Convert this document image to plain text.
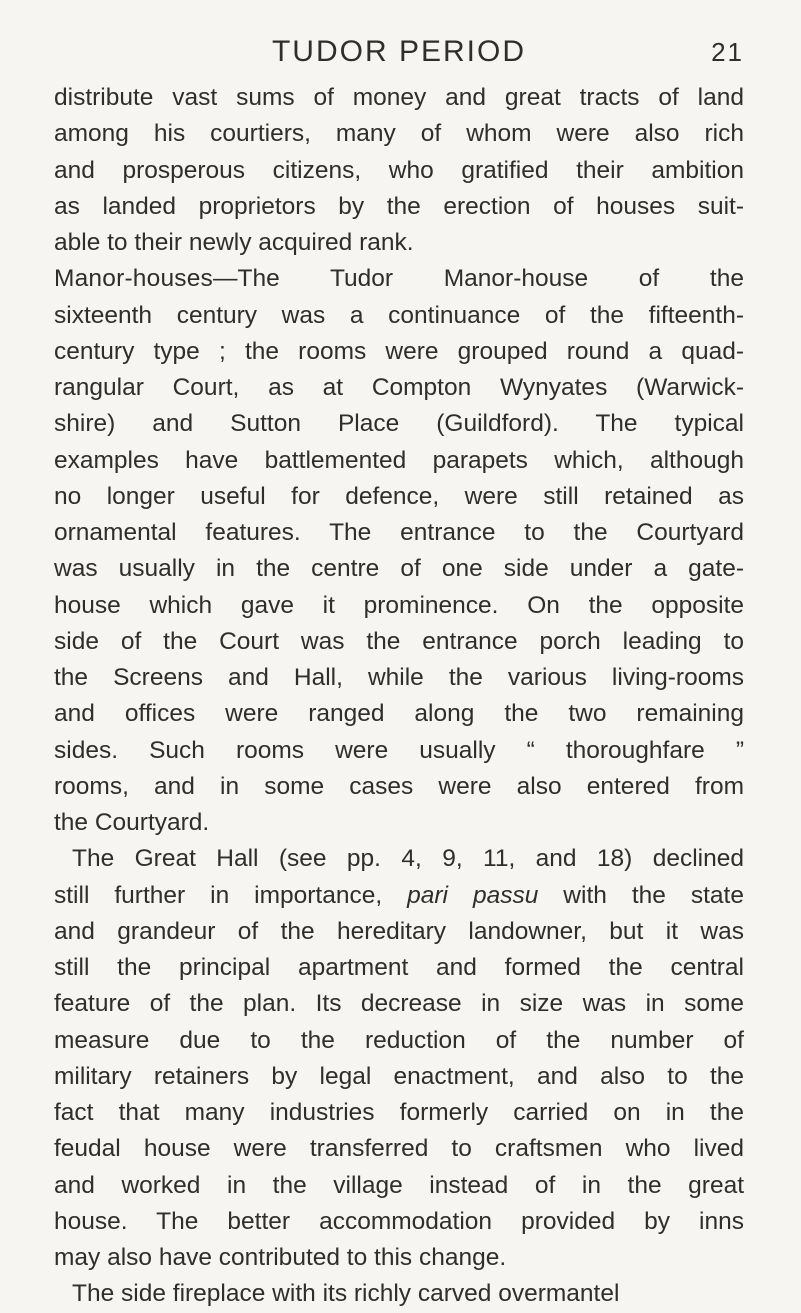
TUDOR PERIOD	21
distribute vast sums of money and great tracts of land
among his courtiers, many of whom were also rich
and prosperous citizens, who gratified their ambition
as landed proprietors by the erection of houses suit-
able to their newly acquired rank.
Manor-houses—The Tudor Manor-house of the
sixteenth century was a continuance of the fifteenth-
century type ; the rooms were grouped round a quad-
rangular Court, as at Compton Wynyates (Warwick-
shire) and Sutton Place (Guildford). The typical
examples have battlemented parapets which, although
no longer useful for defence, were still retained as
ornamental features. The entrance to the Courtyard
was usually in the centre of one side under a gate-
house which gave it prominence. On the opposite
side of the Court was the entrance porch leading to
the Screens and Hall, while the various living-rooms
and offices were ranged along the two remaining
sides. Such rooms were usually “ thoroughfare ”
rooms, and in some cases were also entered from
the Courtyard.
The Great Hall (see pp. 4, 9, 11, and 18) declined
still further in importance, pari passu with the state
and grandeur of the hereditary landowner, but it was
still the principal apartment and formed the central
feature of the plan. Its decrease in size was in some
measure due to the reduction of the number of
military retainers by legal enactment, and also to the
fact that many industries formerly carried on in the
feudal house were transferred to craftsmen who lived
and worked in the village instead of in the great
house. The better accommodation provided by inns
may also have contributed to this change.
The side fireplace with its richly carved overmantel
